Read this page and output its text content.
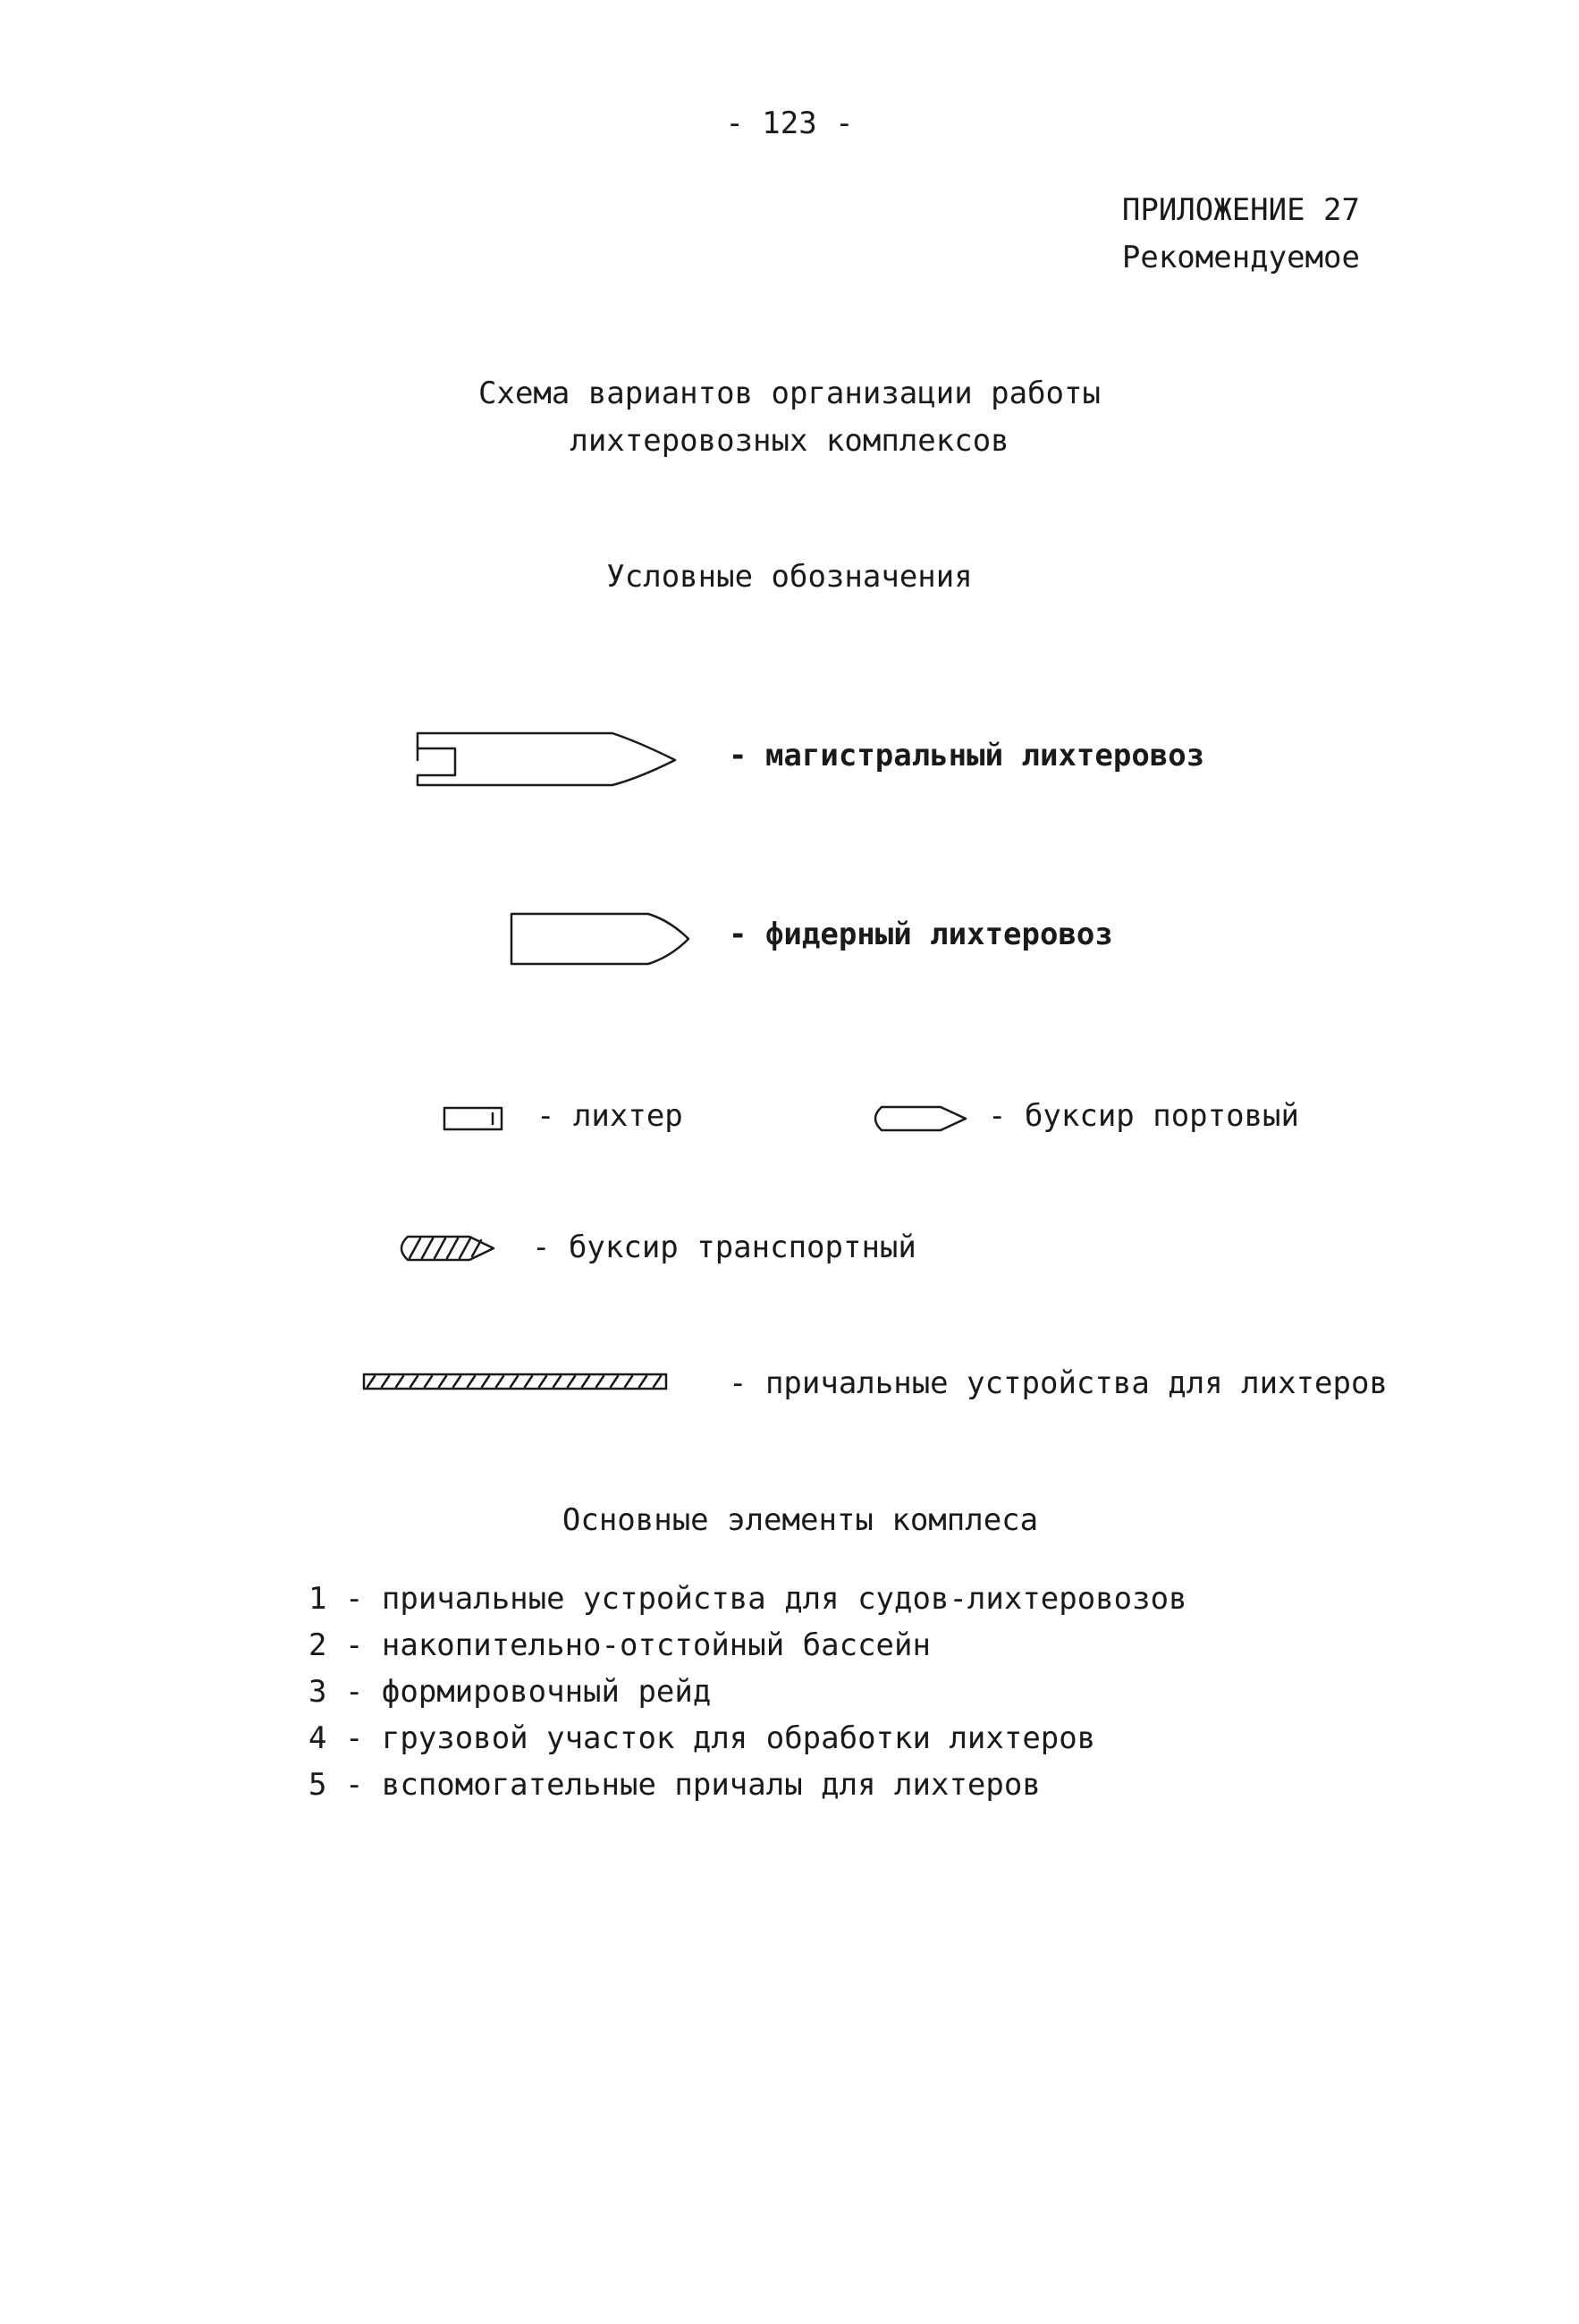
- 123 -
ПРИЛОЖЕНИЕ 27
Рекомендуемое
Схема вариантов организации работы
лихтеровозных комплексов
Условные обозначения
- магистральный лихтеровоз
- фидерный лихтеровоз
- лихтер	- буксир портовый
- буксир транспортный
- причальные устройства для лихтеров
Основные элементы комплеса
1 - причальные устройства для судов-лихтеровозов
2 - накопительно-отстойный бассейн
3 - формировочный рейд
4 - грузовой участок для обработки лихтеров
5 - вспомогательные причалы для лихтеров
